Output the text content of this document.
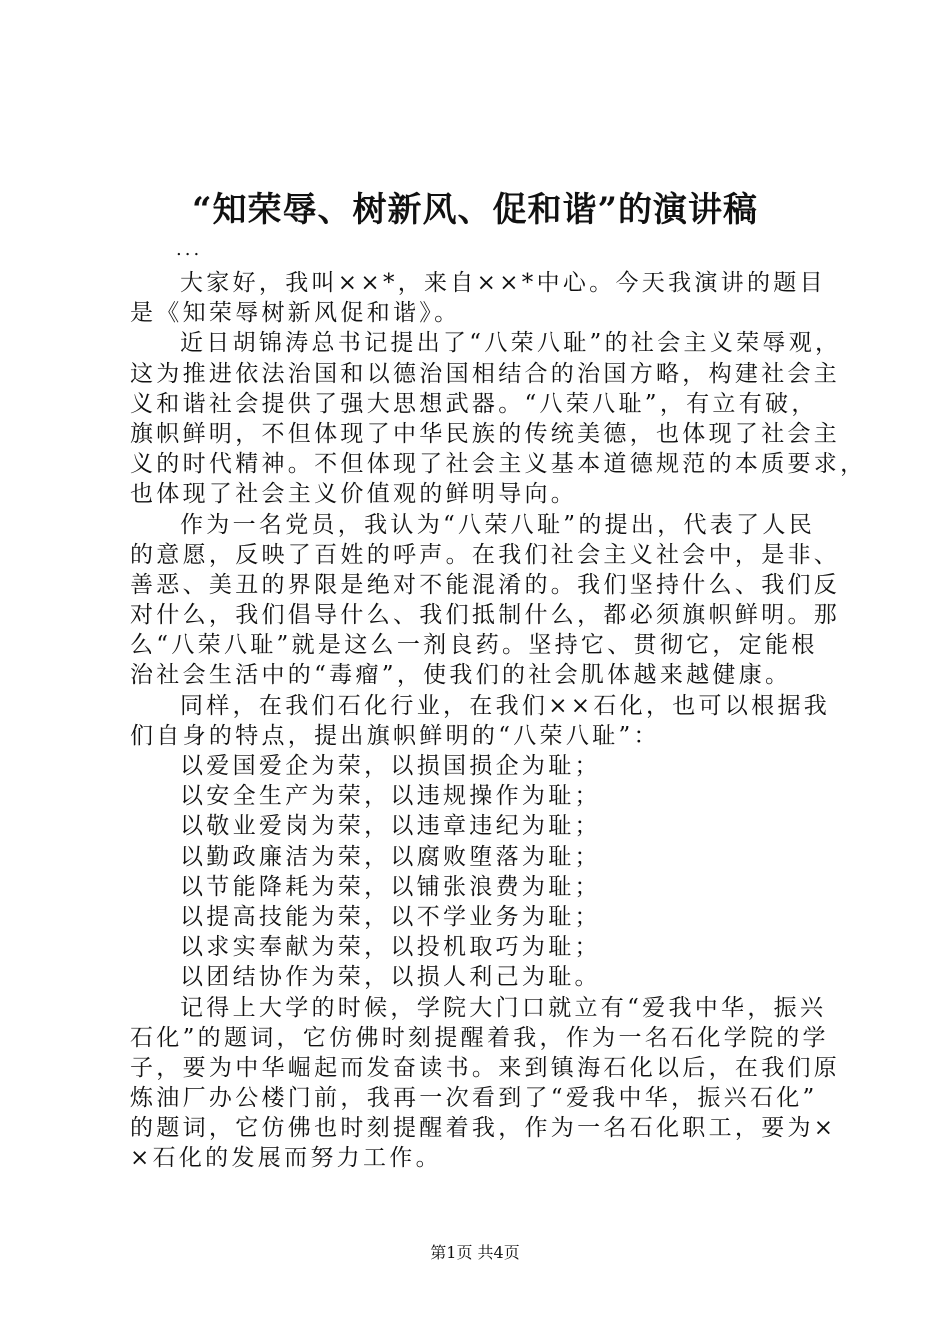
“知荣辱、树新风、促和谐”的演讲稿
...
大家好，我叫××*，来自××*中心。今天我演讲的题目
是《知荣辱树新风促和谐》。
近日胡锦涛总书记提出了“八荣八耻”的社会主义荣辱观，
这为推进依法治国和以德治国相结合的治国方略，构建社会主
义和谐社会提供了强大思想武器。“八荣八耻”，有立有破，
旗帜鲜明，不但体现了中华民族的传统美德，也体现了社会主
义的时代精神。不但体现了社会主义基本道德规范的本质要求，
也体现了社会主义价值观的鲜明导向。
作为一名党员，我认为“八荣八耻”的提出，代表了人民
的意愿，反映了百姓的呼声。在我们社会主义社会中，是非、
善恶、美丑的界限是绝对不能混淆的。我们坚持什么、我们反
对什么，我们倡导什么、我们抵制什么，都必须旗帜鲜明。那
么“八荣八耻”就是这么一剂良药。坚持它、贯彻它，定能根
治社会生活中的“毒瘤”，使我们的社会肌体越来越健康。
同样，在我们石化行业，在我们××石化，也可以根据我
们自身的特点，提出旗帜鲜明的“八荣八耻”：
以爱国爱企为荣，以损国损企为耻；
以安全生产为荣，以违规操作为耻；
以敬业爱岗为荣，以违章违纪为耻；
以勤政廉洁为荣，以腐败堕落为耻；
以节能降耗为荣，以铺张浪费为耻；
以提高技能为荣，以不学业务为耻；
以求实奉献为荣，以投机取巧为耻；
以团结协作为荣，以损人利己为耻。
记得上大学的时候，学院大门口就立有“爱我中华，振兴
石化”的题词，它仿佛时刻提醒着我，作为一名石化学院的学
子，要为中华崛起而发奋读书。来到镇海石化以后，在我们原
炼油厂办公楼门前，我再一次看到了“爱我中华，振兴石化”
的题词，它仿佛也时刻提醒着我，作为一名石化职工，要为×
×石化的发展而努力工作。
第1页 共4页
